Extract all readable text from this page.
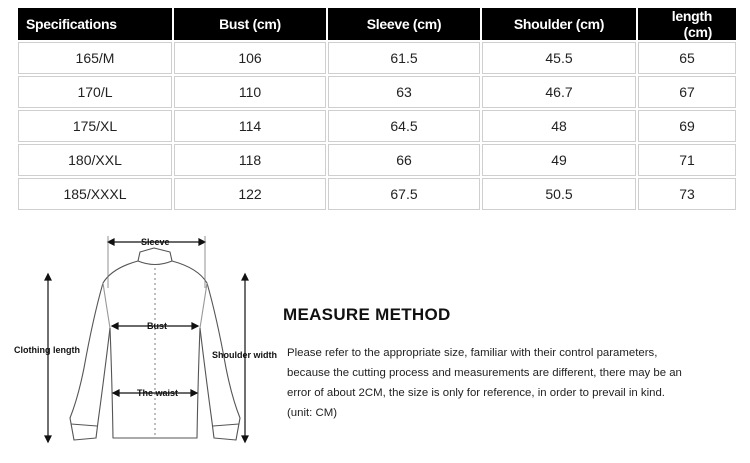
Specifications	Bust (cm)	Sleeve (cm)	Shoulder (cm)	length (cm)
165/M	106	61.5	45.5	65
170/L	110	63	46.7	67
175/XL	114	64.5	48	69
180/XXL	118	66	49	71
185/XXXL	122	67.5	50.5	73
Sleeve
Bust
Clothing length	Shoulder width
The waist
MEASURE METHOD

Please refer to the appropriate size, familiar with their control parameters, because the cutting process and measurements are different, there may be an error of about 2CM, the size is only for reference, in order to prevail in kind. (unit: CM)
